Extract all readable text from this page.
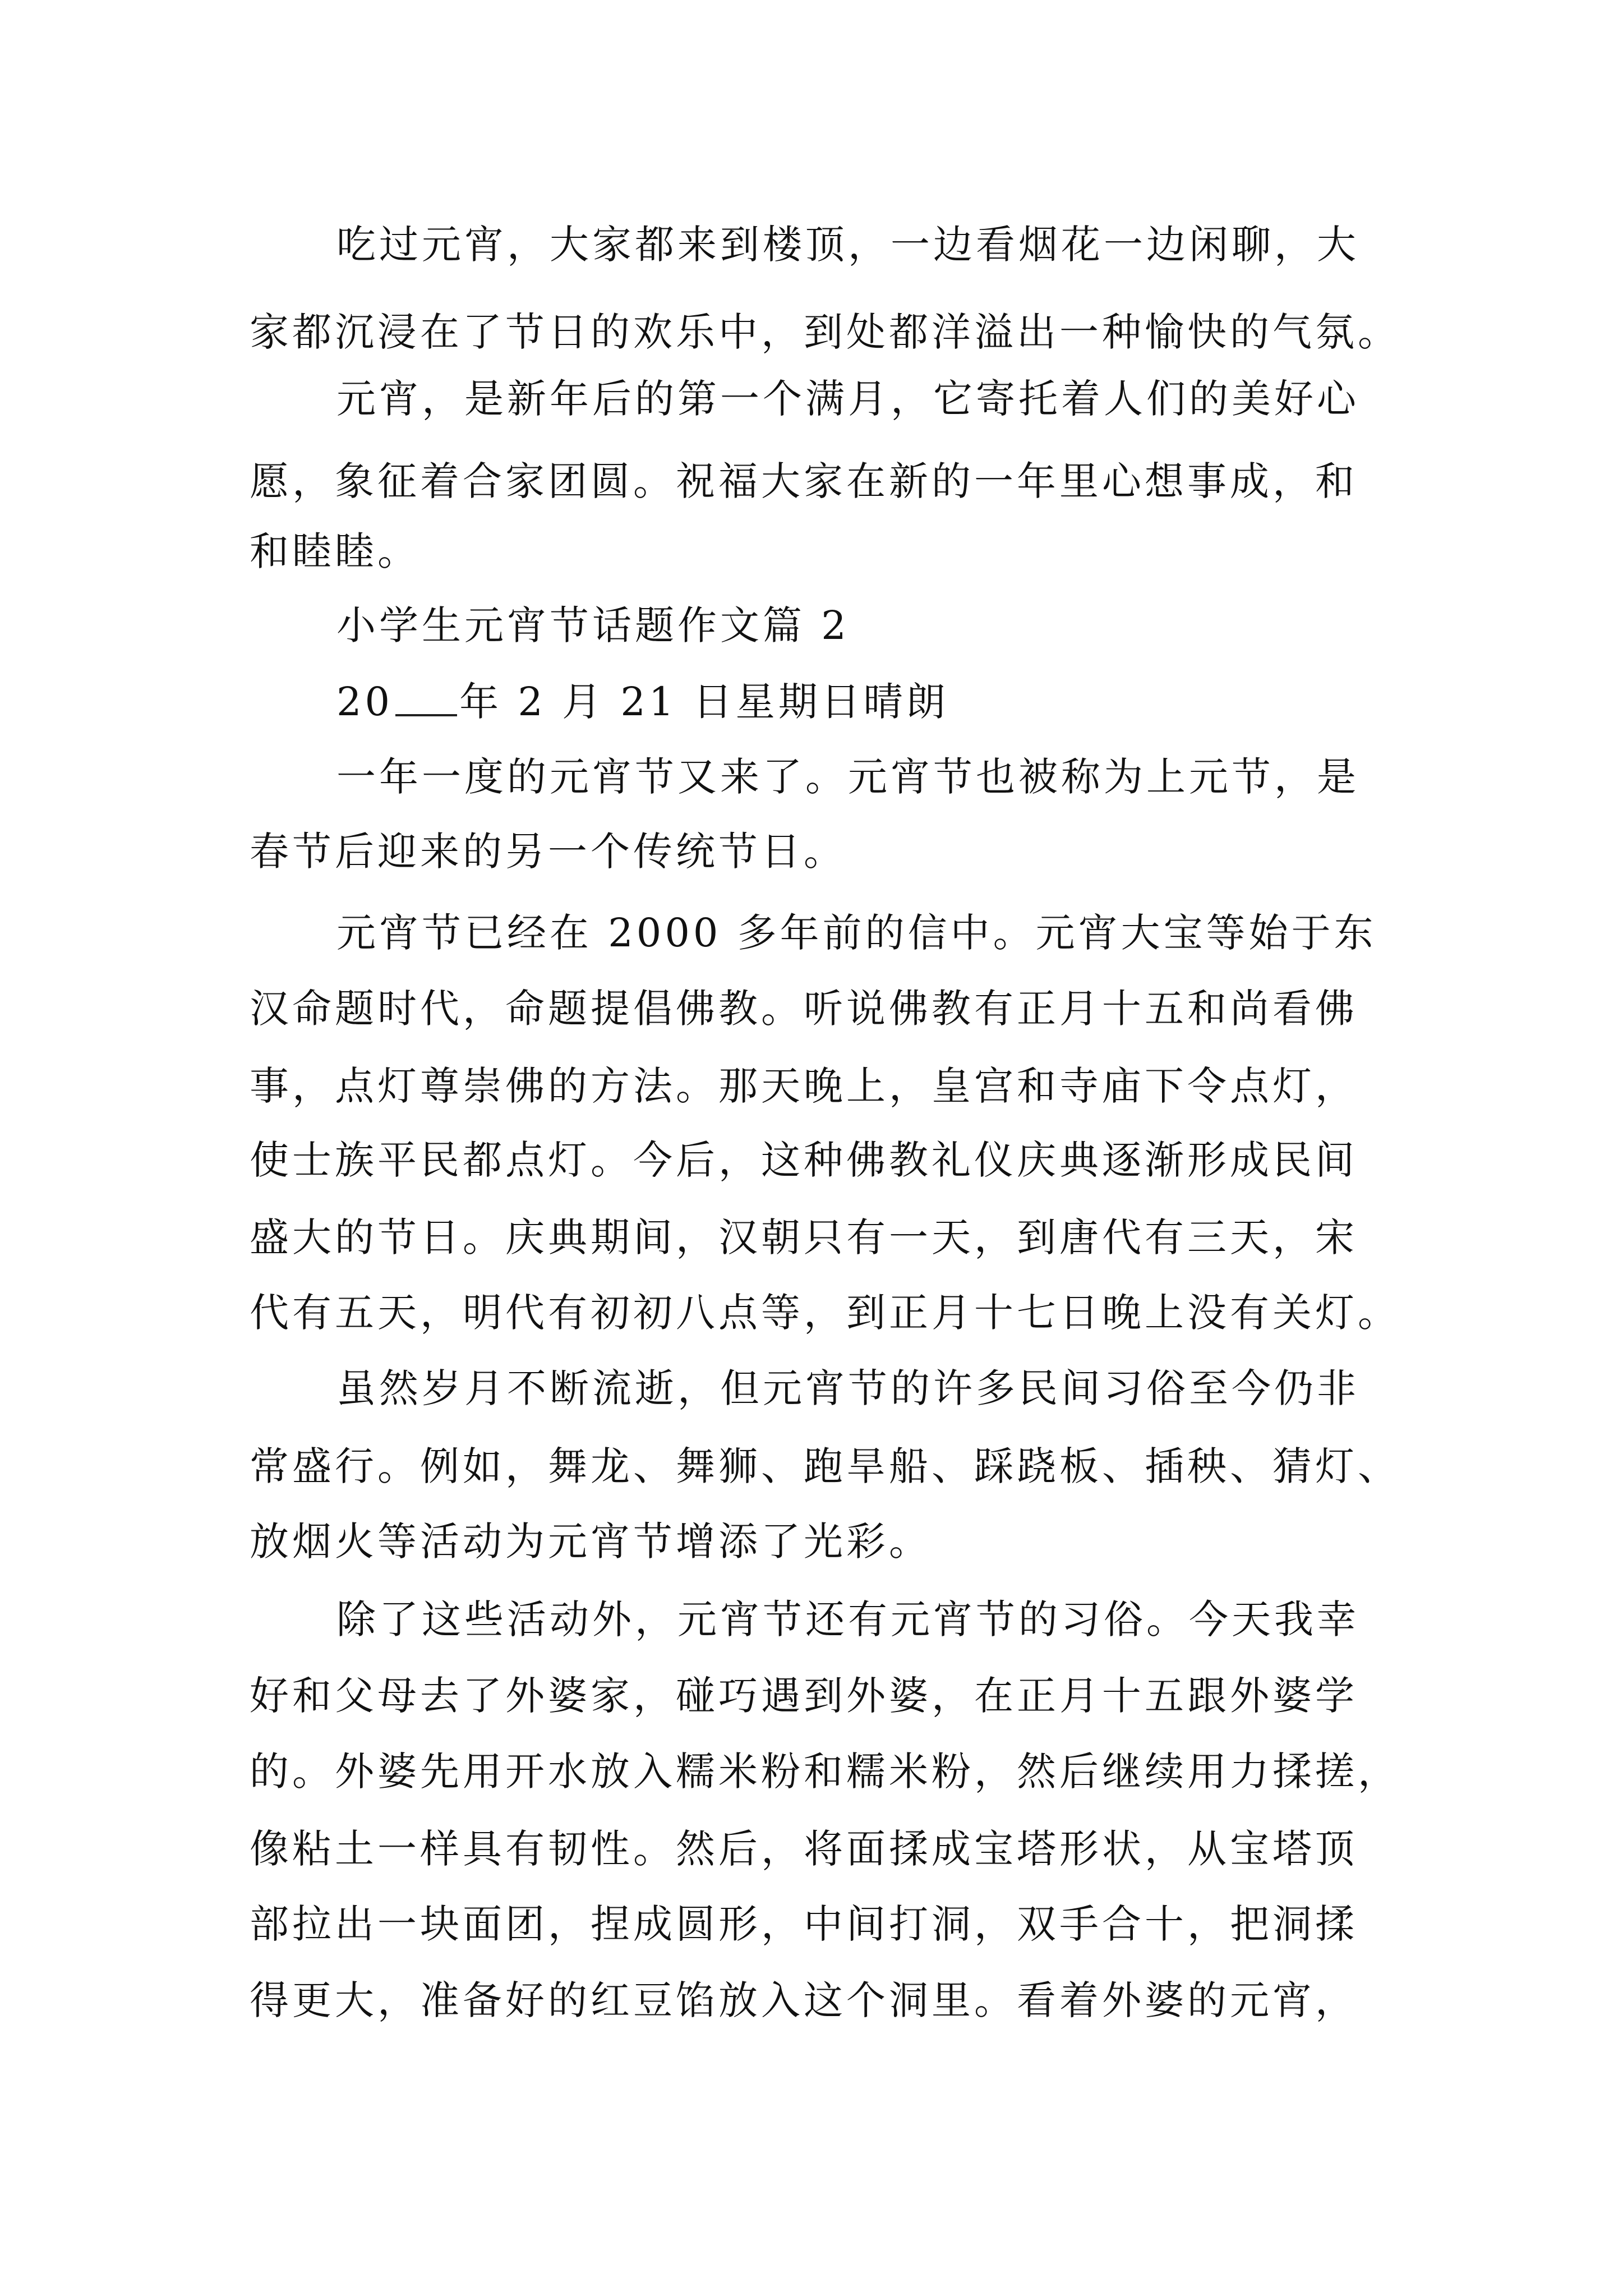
吃过元宵，大家都来到楼顶，一边看烟花一边闲聊，大
家都沉浸在了节日的欢乐中，到处都洋溢出一种愉快的气氛。
元宵，是新年后的第一个满月，它寄托着人们的美好心
愿，象征着合家团圆。祝福大家在新的一年里心想事成，和
和睦睦。
小学生元宵节话题作文篇 2
20 年 2 月 21 日星期日晴朗
一年一度的元宵节又来了。元宵节也被称为上元节，是
春节后迎来的另一个传统节日。
元宵节已经在 2000 多年前的信中。元宵大宝等始于东
汉命题时代，命题提倡佛教。听说佛教有正月十五和尚看佛
事，点灯尊崇佛的方法。那天晚上，皇宫和寺庙下令点灯，
使士族平民都点灯。今后，这种佛教礼仪庆典逐渐形成民间
盛大的节日。庆典期间，汉朝只有一天，到唐代有三天，宋
代有五天，明代有初初八点等，到正月十七日晚上没有关灯。
虽然岁月不断流逝，但元宵节的许多民间习俗至今仍非
常盛行。例如，舞龙、舞狮、跑旱船、踩跷板、插秧、猜灯、
放烟火等活动为元宵节增添了光彩。
除了这些活动外，元宵节还有元宵节的习俗。今天我幸
好和父母去了外婆家，碰巧遇到外婆，在正月十五跟外婆学
的。外婆先用开水放入糯米粉和糯米粉，然后继续用力揉搓，
像粘土一样具有韧性。然后，将面揉成宝塔形状，从宝塔顶
部拉出一块面团，捏成圆形，中间打洞，双手合十，把洞揉
得更大，准备好的红豆馅放入这个洞里。看着外婆的元宵，
